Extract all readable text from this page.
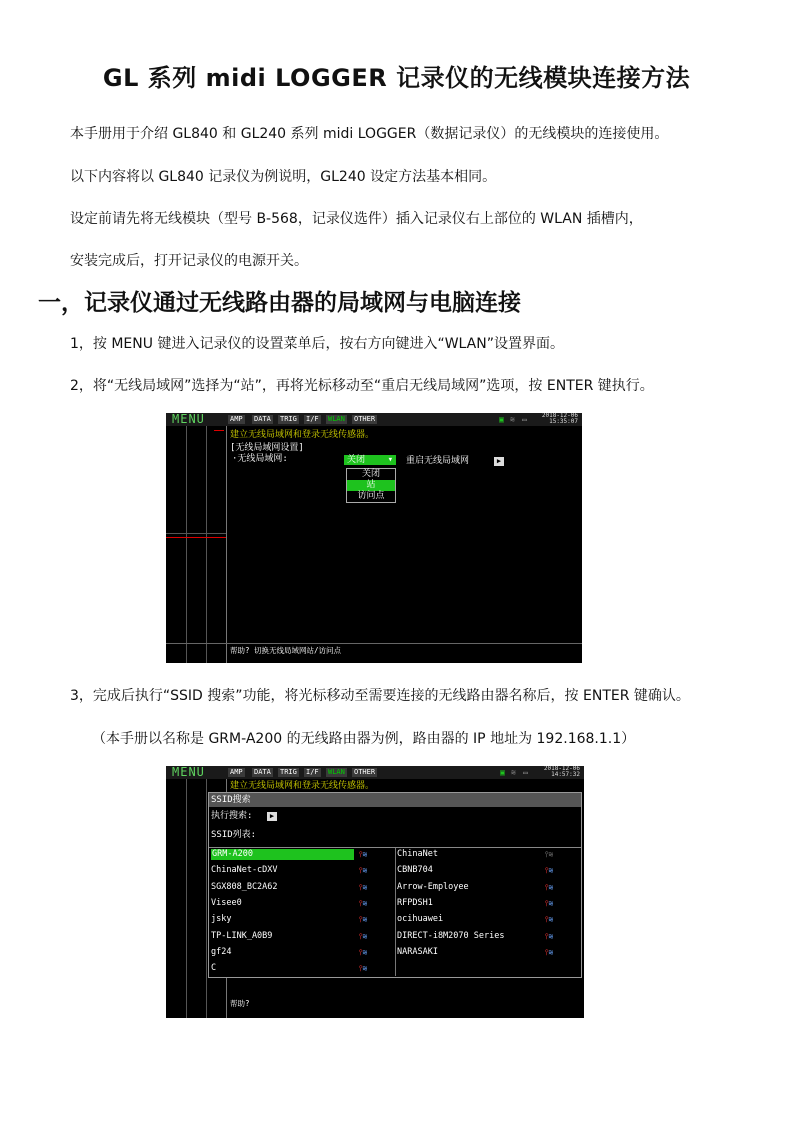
GL 系列 midi LOGGER 记录仪的无线模块连接方法
本手册用于介绍 GL840 和 GL240 系列 midi LOGGER（数据记录仪）的无线模块的连接使用。
以下内容将以 GL840 记录仪为例说明，GL240 设定方法基本相同。
设定前请先将无线模块（型号 B-568，记录仪选件）插入记录仪右上部位的 WLAN 插槽内，
安装完成后，打开记录仪的电源开关。
一，记录仪通过无线路由器的局域网与电脑连接
1，按 MENU 键进入记录仪的设置菜单后，按右方向键进入“WLAN”设置界面。
2，将“无线局域网”选择为“站”，再将光标移动至“重启无线局域网”选项，按 ENTER 键执行。
MENU	AMP DATA TRIG I/F WLAN OTHER	▣ ≋ ▭	2018-12-06
15:35:07
建立无线局域网和登录无线传感器。
[无线局域网设置]
·无线局域网:	关闭	▾
关闭
站
访问点
重启无线局域网	▶
帮助? 切换无线局域网站/访问点
3，完成后执行“SSID 搜索”功能，将光标移动至需要连接的无线路由器名称后，按 ENTER 键确认。
（本手册以名称是 GRM-A200 的无线路由器为例，路由器的 IP 地址为 192.168.1.1）
MENU	AMP DATA TRIG I/F WLAN OTHER	▣ ≋ ▭	2018-12-06
14:57:32
建立无线局域网和登录无线传感器。
SSID搜索
执行搜索:	▶
SSID列表:
GRM-A200	⫯≋
ChinaNet-cDXV	⫯≋
SGX808_BC2A62	⫯≋
Visee0	⫯≋
jsky	⫯≋
TP-LINK_A0B9	⫯≋
gf24	⫯≋
C	⫯≋
ChinaNet	⫯≋
CBNB704	⫯≋
Arrow-Employee	⫯≋
RFPDSH1	⫯≋
ocihuawei	⫯≋
DIRECT-i8M2070 Series	⫯≋
NARASAKI	⫯≋
帮助?
